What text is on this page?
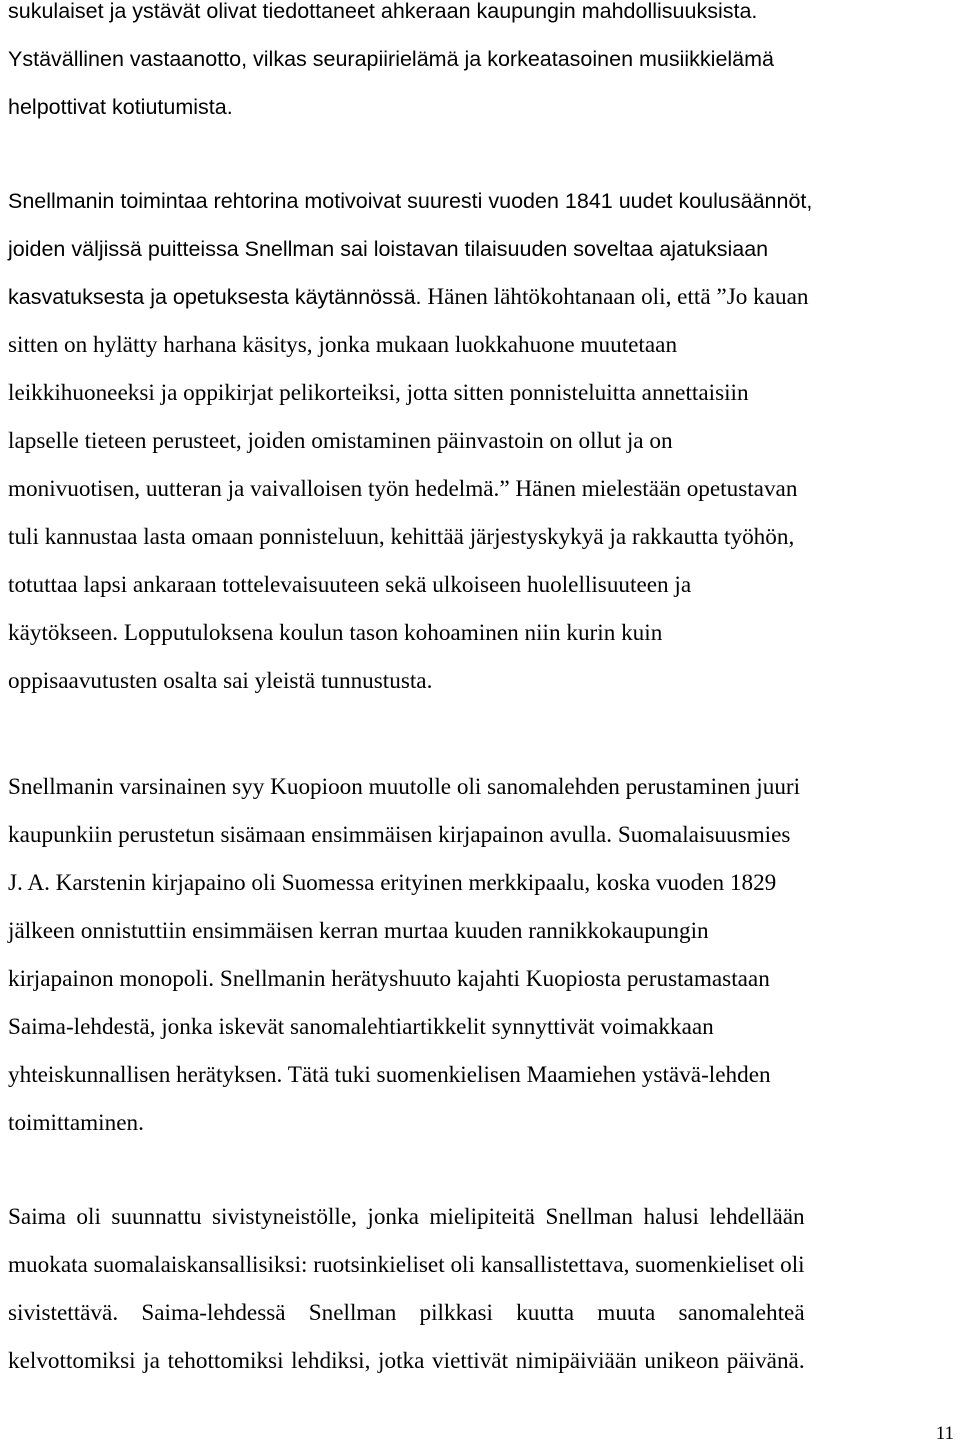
sukulaiset ja ystävät olivat tiedottaneet ahkeraan kaupungin mahdollisuuksista.
Ystävällinen vastaanotto, vilkas seurapiirielämä ja korkeatasoinen musiikkielämä
helpottivat kotiutumista.
Snellmanin toimintaa rehtorina motivoivat suuresti vuoden 1841 uudet koulusäännöt,
joiden väljissä puitteissa Snellman sai loistavan tilaisuuden soveltaa ajatuksiaan
kasvatuksesta ja opetuksesta käytännössä. Hänen lähtökohtanaan oli, että ”Jo kauan
sitten on hylätty harhana käsitys, jonka mukaan luokkahuone muutetaan
leikkihuoneeksi ja oppikirjat pelikorteiksi, jotta sitten ponnisteluitta annettaisiin
lapselle tieteen perusteet, joiden omistaminen päinvastoin on ollut ja on
monivuotisen, uutteran ja vaivalloisen työn hedelmä.” Hänen mielestään opetustavan
tuli kannustaa lasta omaan ponnisteluun, kehittää järjestyskykyä ja rakkautta työhön,
totuttaa lapsi ankaraan tottelevaisuuteen sekä ulkoiseen huolellisuuteen ja
käytökseen. Lopputuloksena koulun tason kohoaminen niin kurin kuin
oppisaavutusten osalta sai yleistä tunnustusta.
Snellmanin varsinainen syy Kuopioon muutolle oli sanomalehden perustaminen juuri
kaupunkiin perustetun sisämaan ensimmäisen kirjapainon avulla. Suomalaisuusmies
J. A. Karstenin kirjapaino oli Suomessa erityinen merkkipaalu, koska vuoden 1829
jälkeen onnistuttiin ensimmäisen kerran murtaa kuuden rannikkokaupungin
kirjapainon monopoli. Snellmanin herätyshuuto kajahti Kuopiosta perustamastaan
Saima-lehdestä, jonka iskevät sanomalehtiartikkelit synnyttivät voimakkaan
yhteiskunnallisen herätyksen. Tätä tuki suomenkielisen Maamiehen ystävä-lehden
toimittaminen.
Saima oli suunnattu sivistyneistölle, jonka mielipiteitä Snellman halusi lehdellään
muokata suomalaiskansallisiksi: ruotsinkieliset oli kansallistettava, suomenkieliset oli
sivistettävä. Saima-lehdessä Snellman pilkkasi kuutta muuta sanomalehteä
kelvottomiksi ja tehottomiksi lehdiksi, jotka viettivät nimipäiviään unikeon päivänä.
11
